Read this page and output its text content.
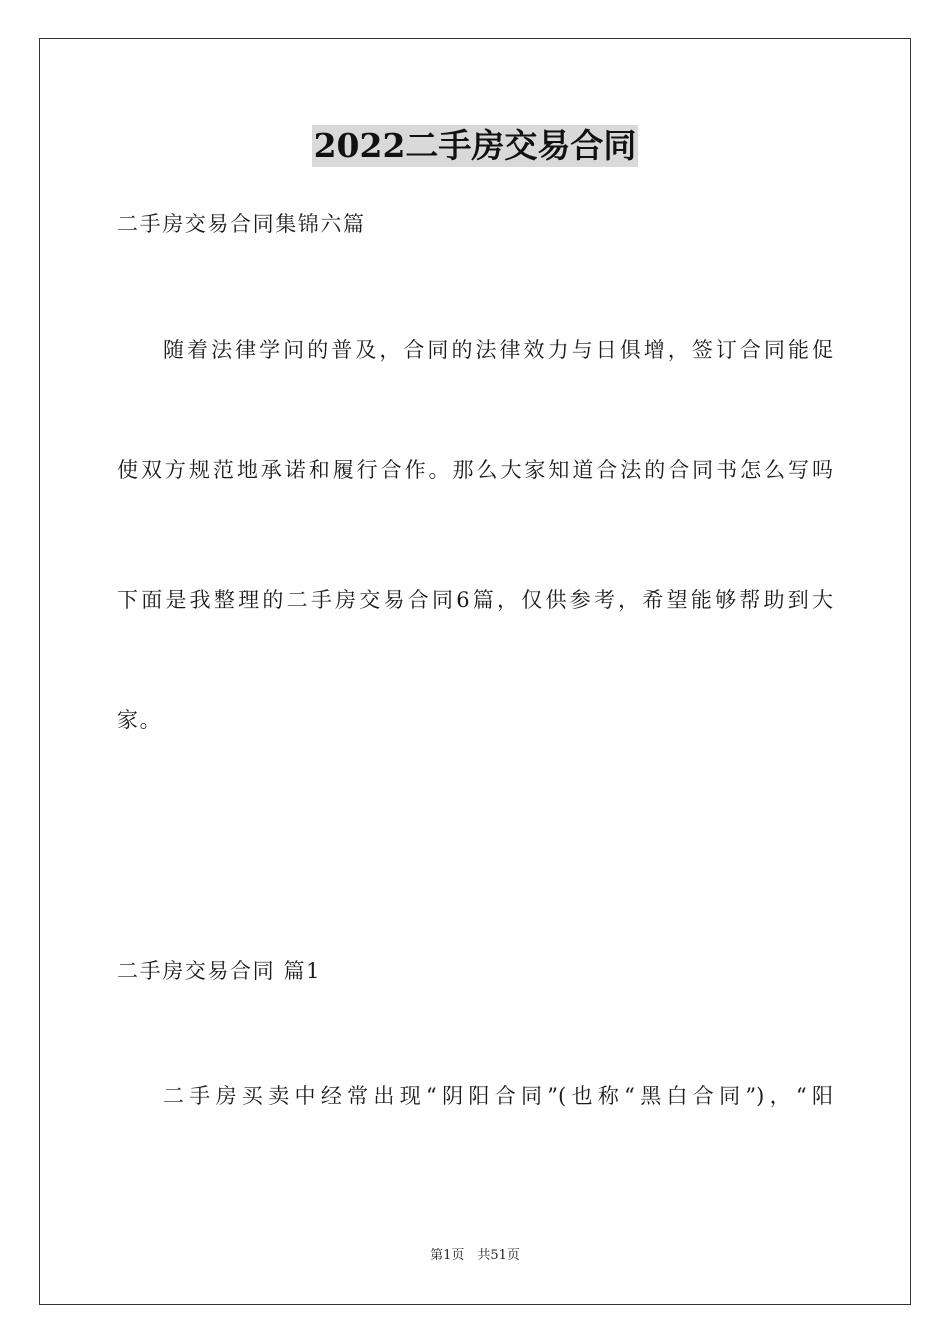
2022二手房交易合同
二手房交易合同集锦六篇
随着法律学问的普及，合同的法律效力与日俱增，签订合同能促
使双方规范地承诺和履行合作。那么大家知道合法的合同书怎么写吗
下面是我整理的二手房交易合同6篇，仅供参考，希望能够帮助到大
家。
二手房交易合同 篇1
二手房买卖中经常出现“阴阳合同”(也称“黑白合同”)，“阳
第1页　共51页
